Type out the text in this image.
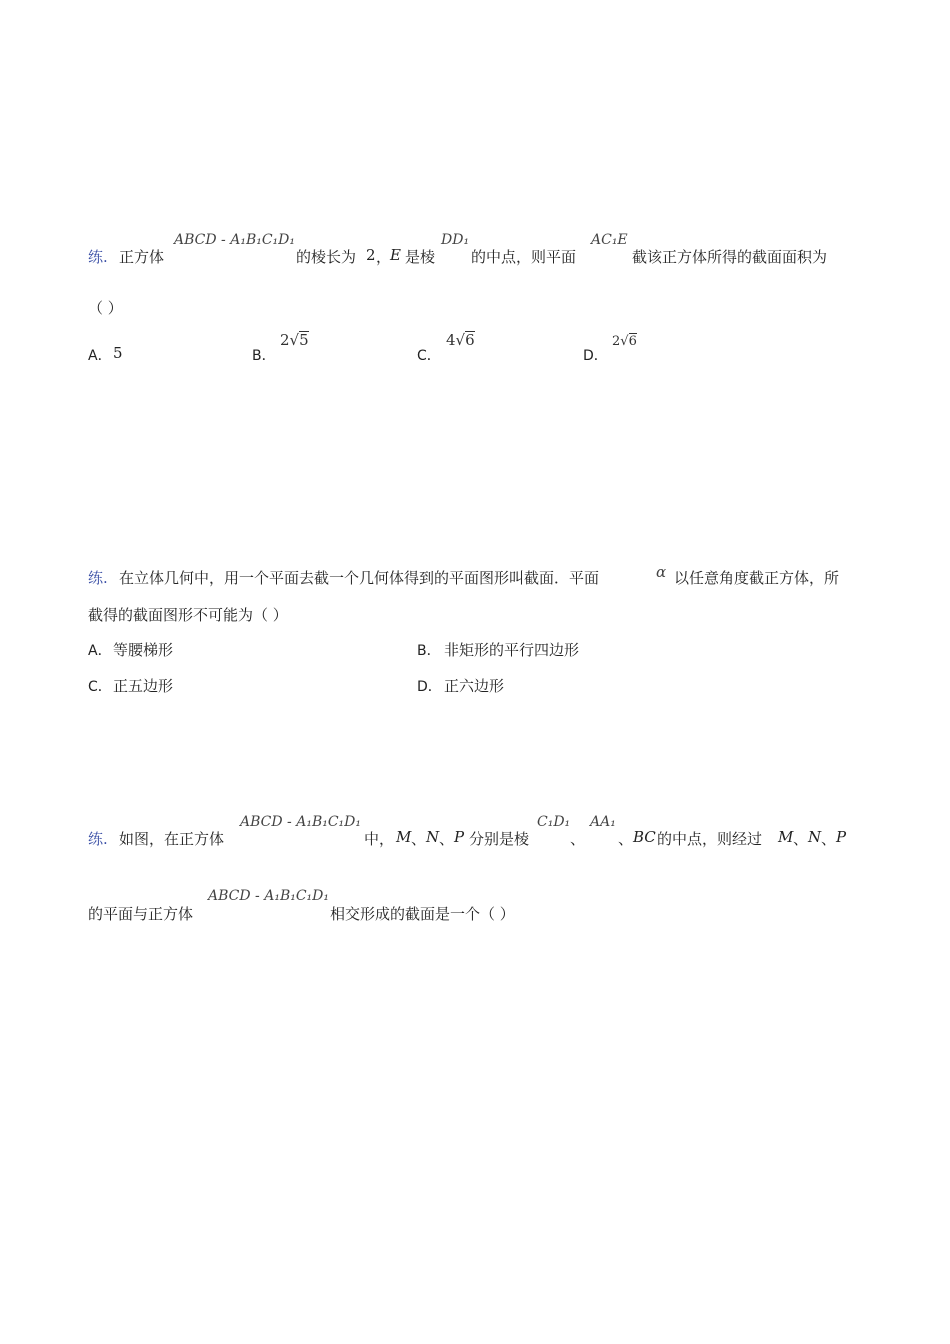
练. 正方体
ABCD - A₁B₁C₁D₁
的棱长为 2 ，
E 是棱
DD₁
的中点，则平面
AC₁E
截该正方体所得的截面面积为
（ ）
A． 5	B．
2√5
C．
4√6
D．
2√6
练. 在立体几何中，用一个平面去截一个几何体得到的平面图形叫截面．平面	α 以任意角度截正方体，所
截得的截面图形不可能为（ ）
A． 等腰梯形	B． 非矩形的平行四边形
C． 正五边形	D． 正六边形
练. 如图，在正方体
ABCD - A₁B₁C₁D₁
中， M 、 N 、 P 分别是棱
C₁D₁
、
AA₁
、 BC 的中点，则经过 M 、 N 、 P
的平面与正方体
ABCD - A₁B₁C₁D₁
相交形成的截面是一个（ ）
